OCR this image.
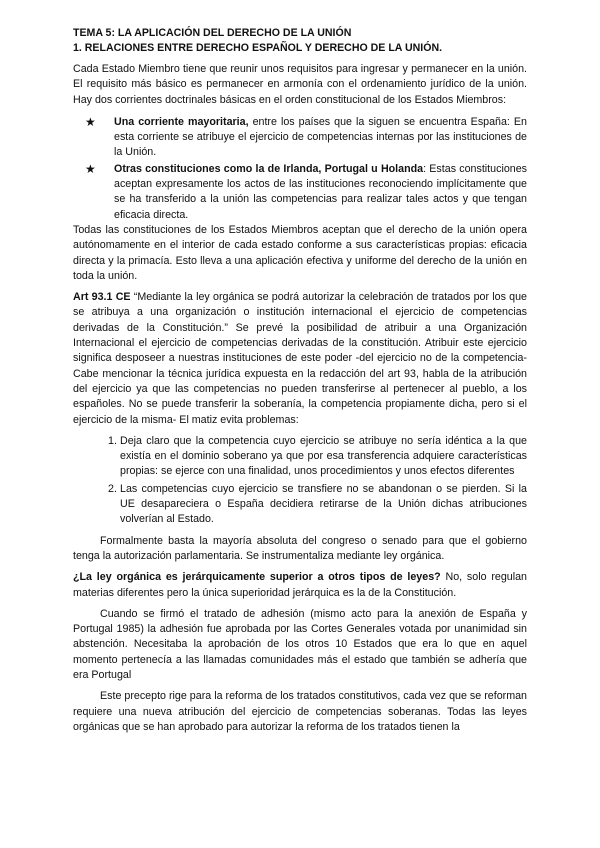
TEMA 5: LA APLICACIÓN DEL DERECHO DE LA UNIÓN

1. RELACIONES ENTRE DERECHO ESPAÑOL Y DERECHO DE LA UNIÓN.

Cada Estado Miembro tiene que reunir unos requisitos para ingresar y permanecer en la unión. El requisito más básico es permanecer en armonía con el ordenamiento jurídico de la unión. Hay dos corrientes doctrinales básicas en el orden constitucional de los Estados Miembros:

★ Una corriente mayoritaria, entre los países que la siguen se encuentra España: En esta corriente se atribuye el ejercicio de competencias internas por las instituciones de la Unión.
★ Otras constituciones como la de Irlanda, Portugal u Holanda: Estas constituciones aceptan expresamente los actos de las instituciones reconociendo implícitamente que se ha transferido a la unión las competencias para realizar tales actos y que tengan eficacia directa.

Todas las constituciones de los Estados Miembros aceptan que el derecho de la unión opera autónomamente en el interior de cada estado conforme a sus características propias: eficacia directa y la primacía. Esto lleva a una aplicación efectiva y uniforme del derecho de la unión en toda la unión.

Art 93.1 CE “Mediante la ley orgánica se podrá autorizar la celebración de tratados por los que se atribuya a una organización o institución internacional el ejercicio de competencias derivadas de la Constitución.” Se prevé la posibilidad de atribuir a una Organización Internacional el ejercicio de competencias derivadas de la constitución. Atribuir este ejercicio significa desposeer a nuestras instituciones de este poder -del ejercicio no de la competencia- Cabe mencionar la técnica jurídica expuesta en la redacción del art 93, habla de la atribución del ejercicio ya que las competencias no pueden transferirse al pertenecer al pueblo, a los españoles. No se puede transferir la soberanía, la competencia propiamente dicha, pero si el ejercicio de la misma- El matiz evita problemas:

1. Deja claro que la competencia cuyo ejercicio se atribuye no sería idéntica a la que existía en el dominio soberano ya que por esa transferencia adquiere características propias: se ejerce con una finalidad, unos procedimientos y unos efectos diferentes
2. Las competencias cuyo ejercicio se transfiere no se abandonan o se pierden. Si la UE desapareciera o España decidiera retirarse de la Unión dichas atribuciones volverían al Estado.

Formalmente basta la mayoría absoluta del congreso o senado para que el gobierno tenga la autorización parlamentaria. Se instrumentaliza mediante ley orgánica.

¿La ley orgánica es jerárquicamente superior a otros tipos de leyes? No, solo regulan materias diferentes pero la única superioridad jerárquica es la de la Constitución.

Cuando se firmó el tratado de adhesión (mismo acto para la anexión de España y Portugal 1985) la adhesión fue aprobada por las Cortes Generales votada por unanimidad sin abstención. Necesitaba la aprobación de los otros 10 Estados que era lo que en aquel momento pertenecía a las llamadas comunidades más el estado que también se adhería que era Portugal

Este precepto rige para la reforma de los tratados constitutivos, cada vez que se reforman requiere una nueva atribución del ejercicio de competencias soberanas. Todas las leyes orgánicas que se han aprobado para autorizar la reforma de los tratados tienen la
